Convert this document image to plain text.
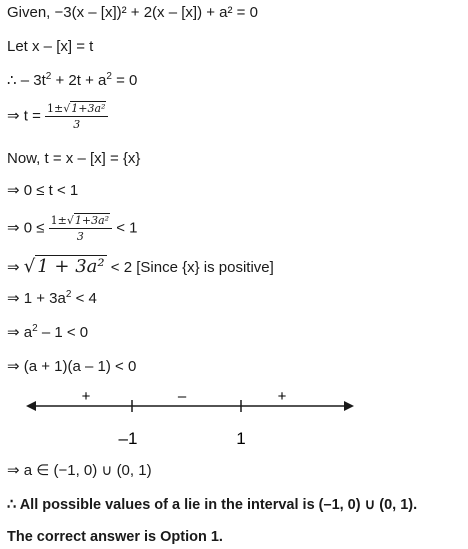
Given, −3(x – [x])² + 2(x – [x]) + a² = 0
Let x – [x] = t
∴ – $3t^2 + 2t + a^2 = 0$
⇒ $t = \frac{\text{1±√1+3a²}}{3}$
Now, t = x – [x] = {x}
⇒ 0 ≤ t < 1
⇒ $0 \le \frac{\text{1±√1+3a²}}{3} < 1$
⇒ √ 1 + 3a² < 2 [Since {x} is positive]
⇒ $1 + 3a^2 < 4$
⇒ $a^2 - 1 < 0$
⇒ (a + 1)(a – 1) < 0
+	–	+
–1	1
⇒ a ∈ (−1, 0) ∪ (0, 1)
∴ All possible values of a lie in the interval is (–1, 0) ∪ (0, 1).
The correct answer is Option 1.
